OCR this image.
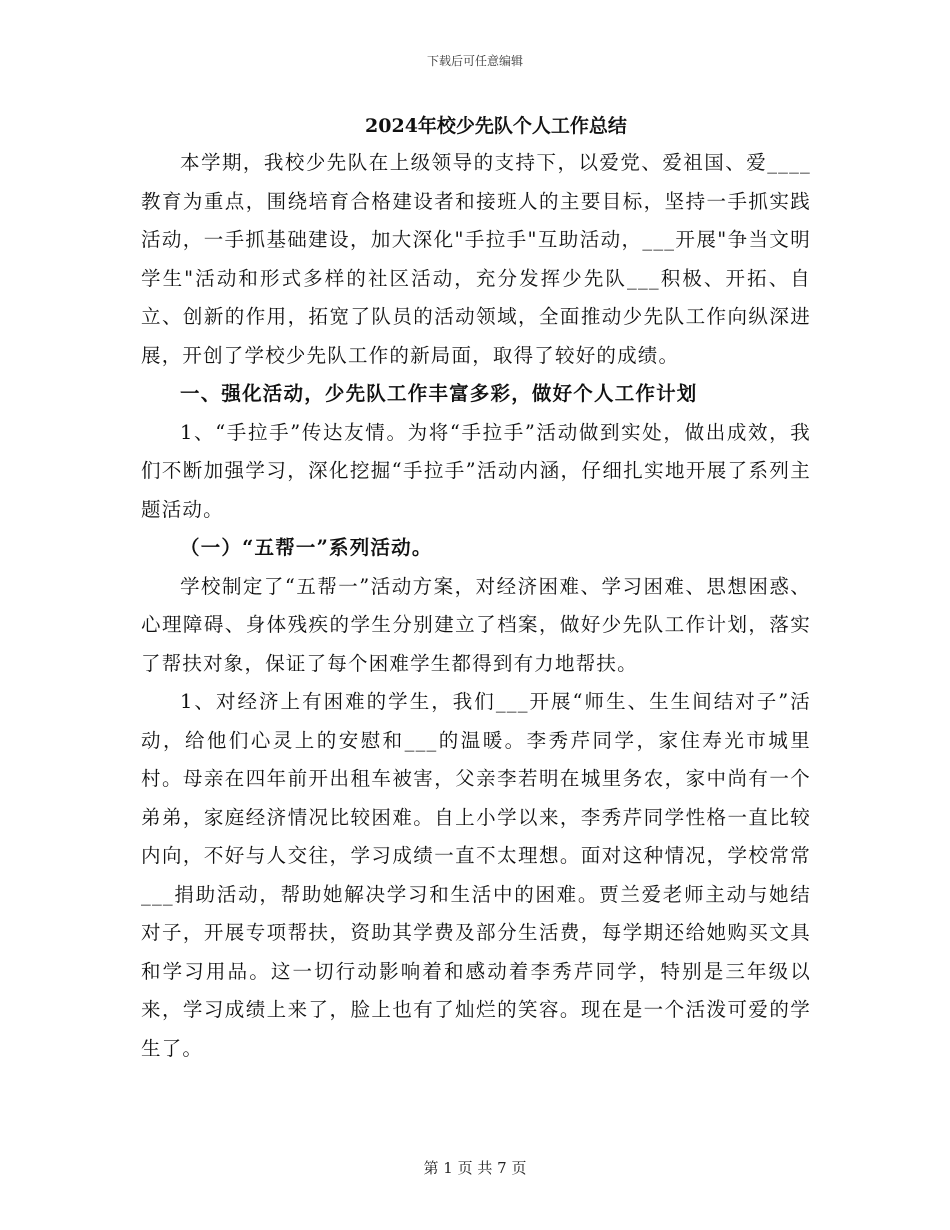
下载后可任意编辑
2024年校少先队个人工作总结

本学期，我校少先队在上级领导的支持下，以爱党、爱祖国、爱____教育为重点，围绕培育合格建设者和接班人的主要目标，坚持一手抓实践活动，一手抓基础建设，加大深化"手拉手"互助活动，___开展"争当文明学生"活动和形式多样的社区活动，充分发挥少先队___积极、开拓、自立、创新的作用，拓宽了队员的活动领域，全面推动少先队工作向纵深进展，开创了学校少先队工作的新局面，取得了较好的成绩。

一、强化活动，少先队工作丰富多彩，做好个人工作计划

1、“手拉手”传达友情。为将“手拉手”活动做到实处，做出成效，我们不断加强学习，深化挖掘“手拉手”活动内涵，仔细扎实地开展了系列主题活动。

（一）“五帮一”系列活动。

学校制定了“五帮一”活动方案，对经济困难、学习困难、思想困惑、心理障碍、身体残疾的学生分别建立了档案，做好少先队工作计划，落实了帮扶对象，保证了每个困难学生都得到有力地帮扶。

1、对经济上有困难的学生，我们___开展“师生、生生间结对子”活动，给他们心灵上的安慰和___的温暖。李秀芹同学，家住寿光市城里村。母亲在四年前开出租车被害，父亲李若明在城里务农，家中尚有一个弟弟，家庭经济情况比较困难。自上小学以来，李秀芹同学性格一直比较内向，不好与人交往，学习成绩一直不太理想。面对这种情况，学校常常___捐助活动，帮助她解决学习和生活中的困难。贾兰爱老师主动与她结对子，开展专项帮扶，资助其学费及部分生活费，每学期还给她购买文具和学习用品。这一切行动影响着和感动着李秀芹同学，特别是三年级以来，学习成绩上来了，脸上也有了灿烂的笑容。现在是一个活泼可爱的学生了。

第 1 页 共 7 页
